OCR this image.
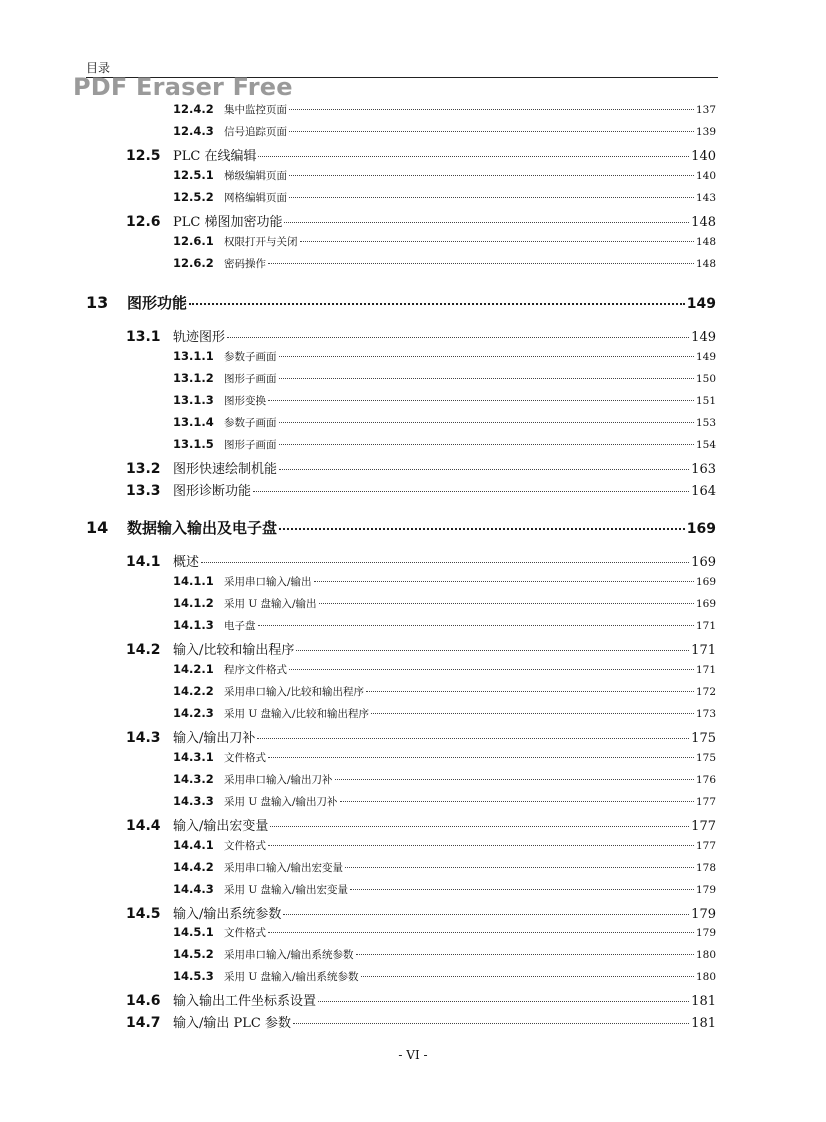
目录
PDF Eraser Free
12.4.2 集中监控页面	137
12.4.3 信号追踪页面	139
12.5 PLC 在线编辑	140
12.5.1 梯级编辑页面	140
12.5.2 网格编辑页面	143
12.6 PLC 梯图加密功能	148
12.6.1 权限打开与关闭	148
12.6.2 密码操作	148
13	图形功能	149
13.1 轨迹图形	149
13.1.1 参数子画面	149
13.1.2 图形子画面	150
13.1.3 图形变换	151
13.1.4 参数子画面	153
13.1.5 图形子画面	154
13.2 图形快速绘制机能	163
13.3 图形诊断功能	164
14	数据输入输出及电子盘	169
14.1 概述	169
14.1.1 采用串口输入/输出	169
14.1.2 采用 U 盘输入/输出	169
14.1.3 电子盘	171
14.2 输入/比较和输出程序	171
14.2.1 程序文件格式	171
14.2.2 采用串口输入/比较和输出程序	172
14.2.3 采用 U 盘输入/比较和输出程序	173
14.3 输入/输出刀补	175
14.3.1 文件格式	175
14.3.2 采用串口输入/输出刀补	176
14.3.3 采用 U 盘输入/输出刀补	177
14.4 输入/输出宏变量	177
14.4.1 文件格式	177
14.4.2 采用串口输入/输出宏变量	178
14.4.3 采用 U 盘输入/输出宏变量	179
14.5 输入/输出系统参数	179
14.5.1 文件格式	179
14.5.2 采用串口输入/输出系统参数	180
14.5.3 采用 U 盘输入/输出系统参数	180
14.6 输入输出工件坐标系设置	181
14.7 输入/输出 PLC 参数	181
- VI -
